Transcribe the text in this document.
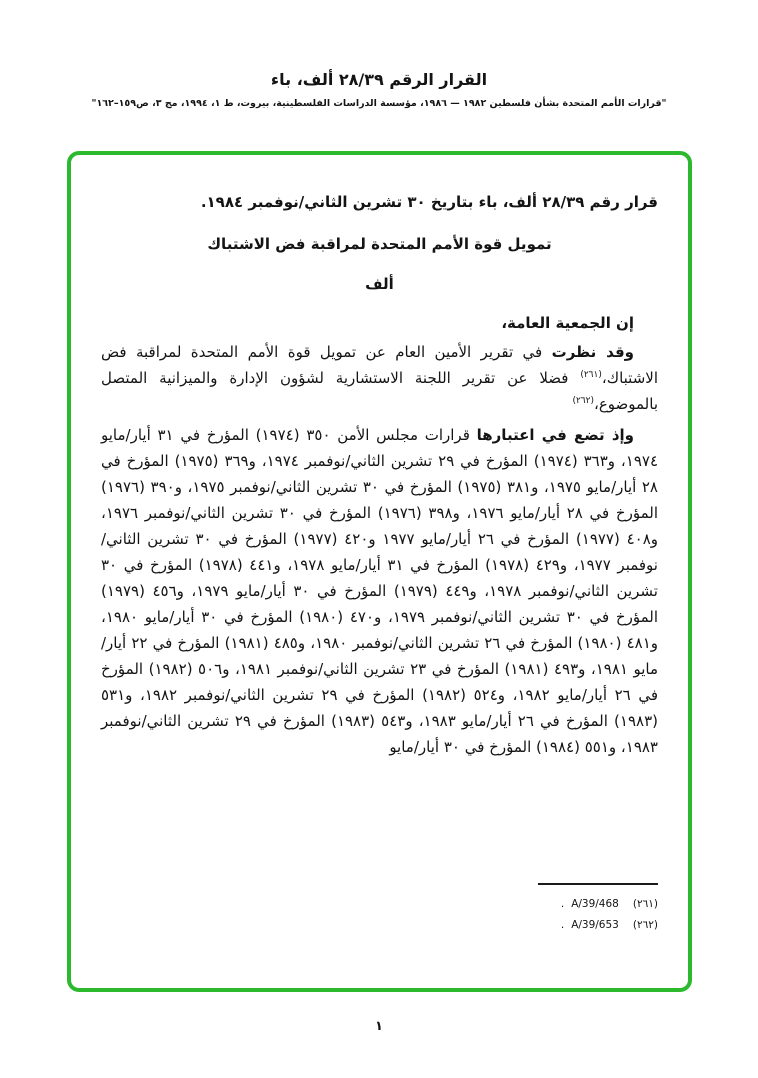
القرار الرقم ٢٨/٣٩ ألف، باء

"قرارات الأمم المتحدة بشأن فلسطين ١٩٨٢ — ١٩٨٦، مؤسسة الدراسات الفلسطينية، بيروت، ط ١، ١٩٩٤، مج ٣، ص١٥٩–١٦٢"

قرار رقم ٢٨/٣٩ ألف، باء بتاريخ ٣٠ تشرين الثاني/نوفمبر ١٩٨٤.

تمويل قوة الأمم المتحدة لمراقبة فض الاشتباك

ألف

إن الجمعية العامة،

وقد نظرت في تقرير الأمين العام عن تمويل قوة الأمم المتحدة لمراقبة فض الاشتباك،$^{(٢٦١)}$ فضلا عن تقرير اللجنة الاستشارية لشؤون الإدارة والميزانية المتصل بالموضوع،$^{(٢٦٢)}$

وإذ تضع في اعتبارها قرارات مجلس الأمن ٣٥٠ (١٩٧٤) المؤرخ في ٣١ أيار/مايو ١٩٧٤، و٣٦٣ (١٩٧٤) المؤرخ في ٢٩ تشرين الثاني/نوفمبر ١٩٧٤، و٣٦٩ (١٩٧٥) المؤرخ في ٢٨ أيار/مايو ١٩٧٥، و٣٨١ (١٩٧٥) المؤرخ في ٣٠ تشرين الثاني/نوفمبر ١٩٧٥، و٣٩٠ (١٩٧٦) المؤرخ في ٢٨ أيار/مايو ١٩٧٦، و٣٩٨ (١٩٧٦) المؤرخ في ٣٠ تشرين الثاني/نوفمبر ١٩٧٦، و٤٠٨ (١٩٧٧) المؤرخ في ٢٦ أيار/مايو ١٩٧٧ و٤٢٠ (١٩٧٧) المؤرخ في ٣٠ تشرين الثاني/نوفمبر ١٩٧٧، و٤٢٩ (١٩٧٨) المؤرخ في ٣١ أيار/مايو ١٩٧٨، و٤٤١ (١٩٧٨) المؤرخ في ٣٠ تشرين الثاني/نوفمبر ١٩٧٨، و٤٤٩ (١٩٧٩) المؤرخ في ٣٠ أيار/مايو ١٩٧٩، و٤٥٦ (١٩٧٩) المؤرخ في ٣٠ تشرين الثاني/نوفمبر ١٩٧٩، و٤٧٠ (١٩٨٠) المؤرخ في ٣٠ أيار/مايو ١٩٨٠، و٤٨١ (١٩٨٠) المؤرخ في ٢٦ تشرين الثاني/نوفمبر ١٩٨٠، و٤٨٥ (١٩٨١) المؤرخ في ٢٢ أيار/مايو ١٩٨١، و٤٩٣ (١٩٨١) المؤرخ في ٢٣ تشرين الثاني/نوفمبر ١٩٨١، و٥٠٦ (١٩٨٢) المؤرخ في ٢٦ أيار/مايو ١٩٨٢، و٥٢٤ (١٩٨٢) المؤرخ في ٢٩ تشرين الثاني/نوفمبر ١٩٨٢، و٥٣١ (١٩٨٣) المؤرخ في ٢٦ أيار/مايو ١٩٨٣، و٥٤٣ (١٩٨٣) المؤرخ في ٢٩ تشرين الثاني/نوفمبر ١٩٨٣، و٥٥١ (١٩٨٤) المؤرخ في ٣٠ أيار/مايو

(٢٦١)A/39/468.
(٢٦٢)A/39/653.
١
